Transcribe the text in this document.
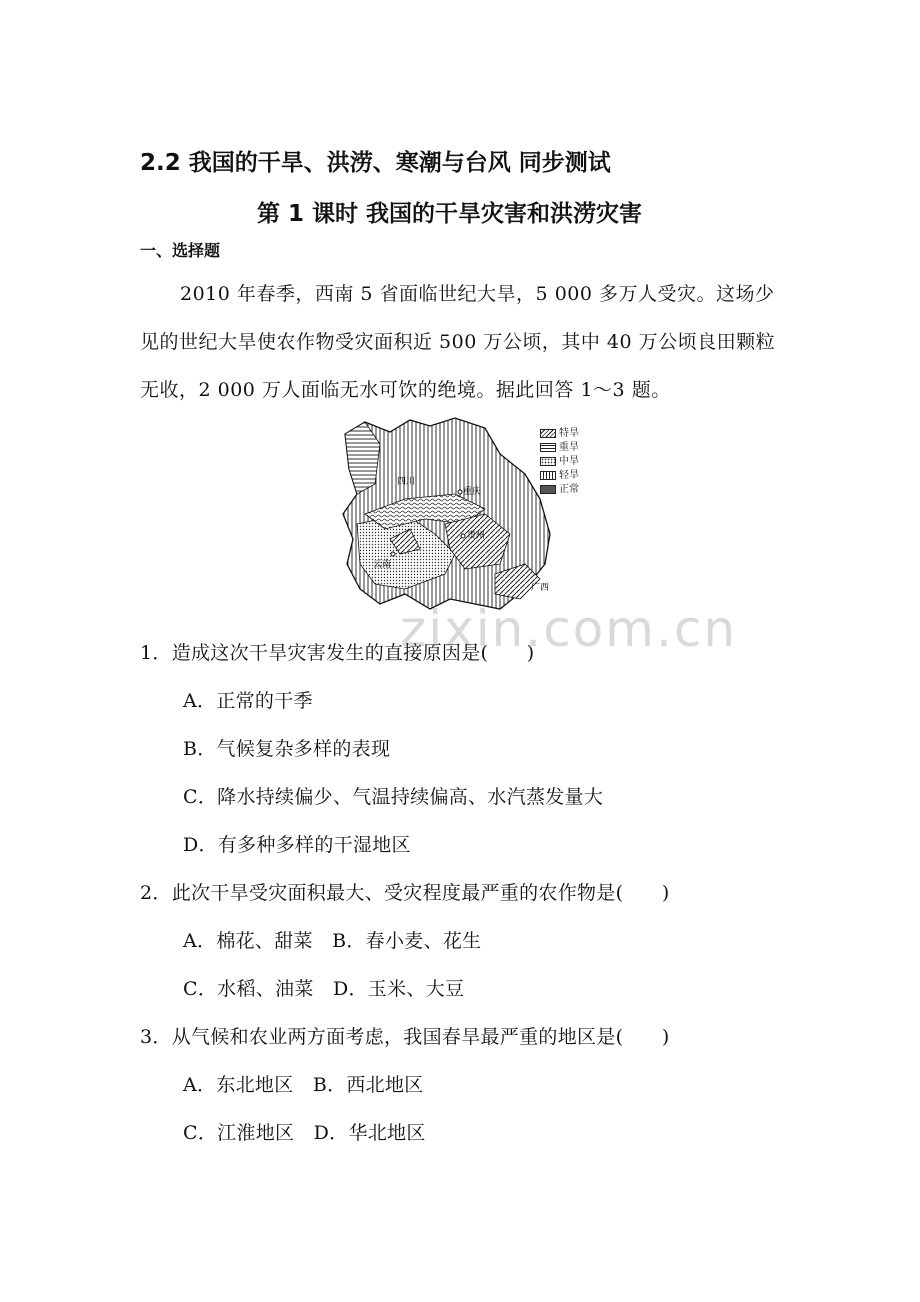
2.2 我国的干旱、洪涝、寒潮与台风 同步测试
第 1 课时 我国的干旱灾害和洪涝灾害
一、选择题
2010 年春季，西南 5 省面临世纪大旱，5 000 多万人受灾。这场少见的世纪大旱使农作物受灾面积近 500 万公顷，其中 40 万公顷良田颗粒无收，2 000 万人面临无水可饮的绝境。据此回答 1～3 题。
四川
重庆
贵州
云南
广西
特旱
重旱
中旱
轻旱
正常
zixin.com.cn
1．造成这次干旱灾害发生的直接原因是(　　)
A．正常的干季
B．气候复杂多样的表现
C．降水持续偏少、气温持续偏高、水汽蒸发量大
D．有多种多样的干湿地区
2．此次干旱受灾面积最大、受灾程度最严重的农作物是(　　)
A．棉花、甜菜　B．春小麦、花生
C．水稻、油菜　D．玉米、大豆
3．从气候和农业两方面考虑，我国春旱最严重的地区是(　　)
A．东北地区　B．西北地区
C．江淮地区　D．华北地区
